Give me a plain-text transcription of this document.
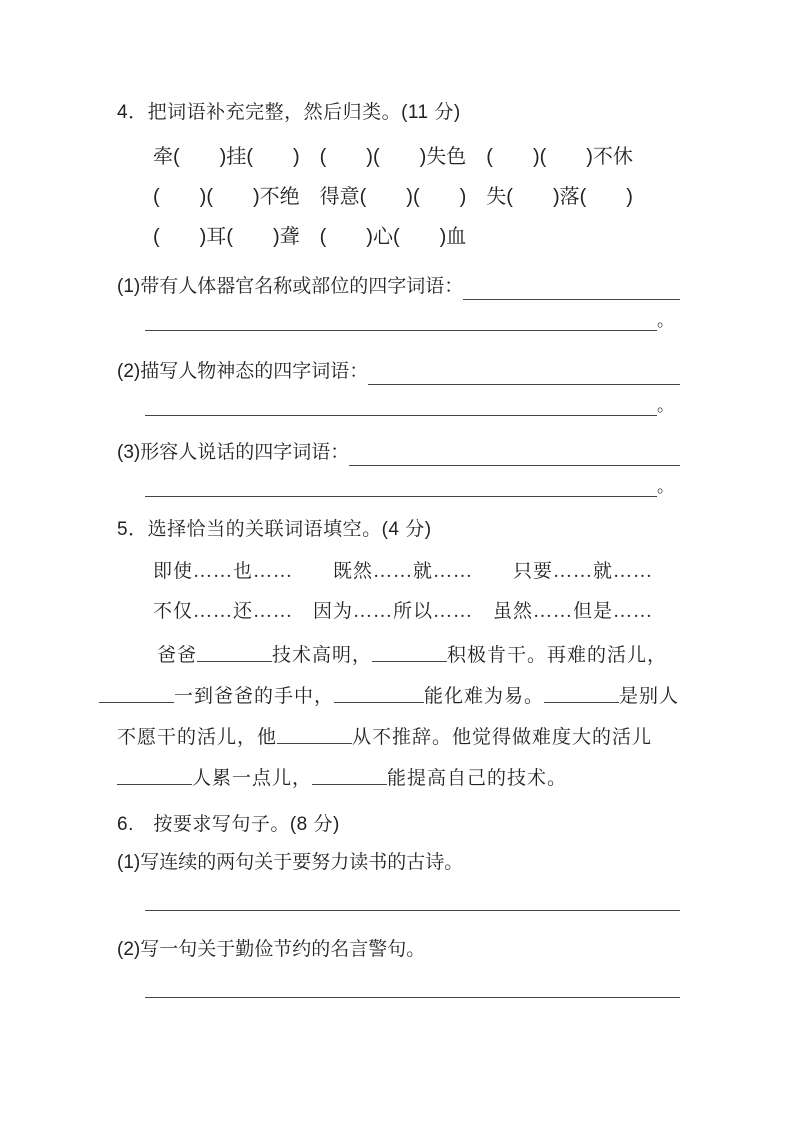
4．把词语补充完整，然后归类。(11 分)
牵(　　)挂(　　)　(　　)(　　)失色　(　　)(　　)不休
(　　)(　　)不绝　得意(　　)(　　)　失(　　)落(　　)
(　　)耳(　　)聋　(　　)心(　　)血
(1)带有人体器官名称或部位的四字词语：
。
(2)描写人物神态的四字词语：
。
(3)形容人说话的四字词语：
。
5．选择恰当的关联词语填空。(4 分)
即使……也……　　既然……就……　　只要……就……
不仅……还……　因为……所以……　虽然……但是……
爸爸	技术高明，	积极肯干。再难的活儿，
一到爸爸的手中，	能化难为易。	是别人
不愿干的活儿，他	从不推辞。他觉得做难度大的活儿
人累一点儿，	能提高自己的技术。
6.　按要求写句子。(8 分)
(1)写连续的两句关于要努力读书的古诗。
(2)写一句关于勤俭节约的名言警句。
